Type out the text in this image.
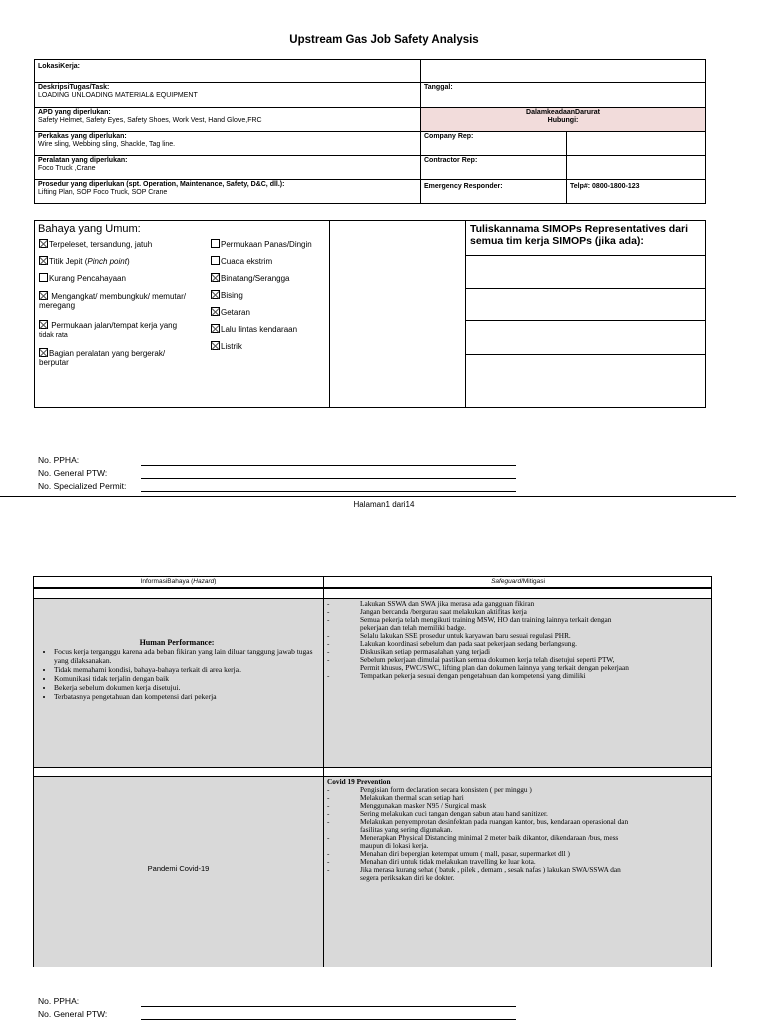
Upstream Gas Job Safety Analysis
LokasiKerja:
DeskripsiTugas/Task:
LOADING UNLOADING MATERIAL& EQUIPMENT
Tanggal:
APD yang diperlukan:
Safety Helmet, Safety Eyes, Safety Shoes, Work Vest, Hand Glove,FRC
DalamkeadaanDarurat
Hubungi:
Perkakas yang diperlukan:
Wire sling, Webbing sling, Shackle, Tag line.
Company Rep:
Peralatan yang diperlukan:
Foco Truck ,Crane
Contractor Rep:
Prosedur yang diperlukan (spt. Operation, Maintenance, Safety, D&C, dll.):
Lifting Plan, SOP Foco Truck, SOP Crane
Emergency Responder:	Telp#: 0800-1800-123
Bahaya yang Umum:
Terpeleset, tersandung, jatuh
Titik Jepit (Pinch point)
Kurang Pencahayaan
Mengangkat/ membungkuk/ memutar/
meregang
Permukaan jalan/tempat kerja yang
tidak rata
Bagian peralatan yang bergerak/
berputar
Permukaan Panas/Dingin
Cuaca ekstrim
Binatang/Serangga
Bising
Getaran
Lalu lintas kendaraan
Listrik
Tuliskannama SIMOPs Representatives dari semua tim kerja SIMOPs (jika ada):
No. PPHA:
No. General PTW:
No. Specialized Permit:
Halaman1 dari14
InformasiBahaya (Hazard)	Safeguard/Mitigasi
Human Performance:
• Focus kerja terganggu karena ada beban fikiran yang lain diluar tanggung jawab tugas yang dilaksanakan.
• Tidak memahami kondisi, bahaya-bahaya terkait di area kerja.
• Komunikasi tidak terjalin dengan baik
• Bekerja sebelum dokumen kerja disetujui.
• Terbatasnya pengetahuan dan kompetensi dari pekerja
- Lakukan SSWA dan SWA jika merasa ada gangguan fikiran
- Jangan bercanda /bergurau saat melakukan aktifitas kerja
- Semua pekerja telah mengikuti training MSW, HO dan training lainnya terkait dengan
pekerjaan dan telah memiliki badge.
- Selalu lakukan SSE prosedur untuk karyawan baru sesuai regulasi PHR.
- Lakukan koordinasi sebelum dan pada saat pekerjaan sedang berlangsung.
- Diskusikan setiap permasalahan yang terjadi
- Sebelum pekerjaan dimulai pastikan semua dokumen kerja telah disetujui seperti PTW,
Permit khusus, PWC/SWC, lifting plan dan dokumen lainnya yang terkait dengan pekerjaan
- Tempatkan pekerja sesuai dengan pengetahuan dan kompetensi yang dimiliki
Pandemi Covid-19
Covid 19 Prevention
- Pengisian form declaration secara konsisten ( per minggu )
- Melakukan thermal scan setiap hari
- Menggunakan masker N95 / Surgical mask
- Sering melakukan cuci tangan dengan sabun atau hand sanitizer.
- Melakukan penyemprotan desinfektan pada ruangan kantor, bus, kendaraan operasional dan
fasilitas yang sering digunakan.
- Menerapkan Physical Distancing minimal 2 meter baik dikantor, dikendaraan /bus, mess
maupun di lokasi kerja.
- Menahan diri bepergian ketempat umum ( mall, pasar, supermarket dll )
- Menahan diri untuk tidak melakukan travelling ke luar kota.
- Jika merasa kurang sehat ( batuk , pilek , demam , sesak nafas ) lakukan SWA/SSWA dan
segera periksakan diri ke dokter.
No. PPHA:
No. General PTW:
